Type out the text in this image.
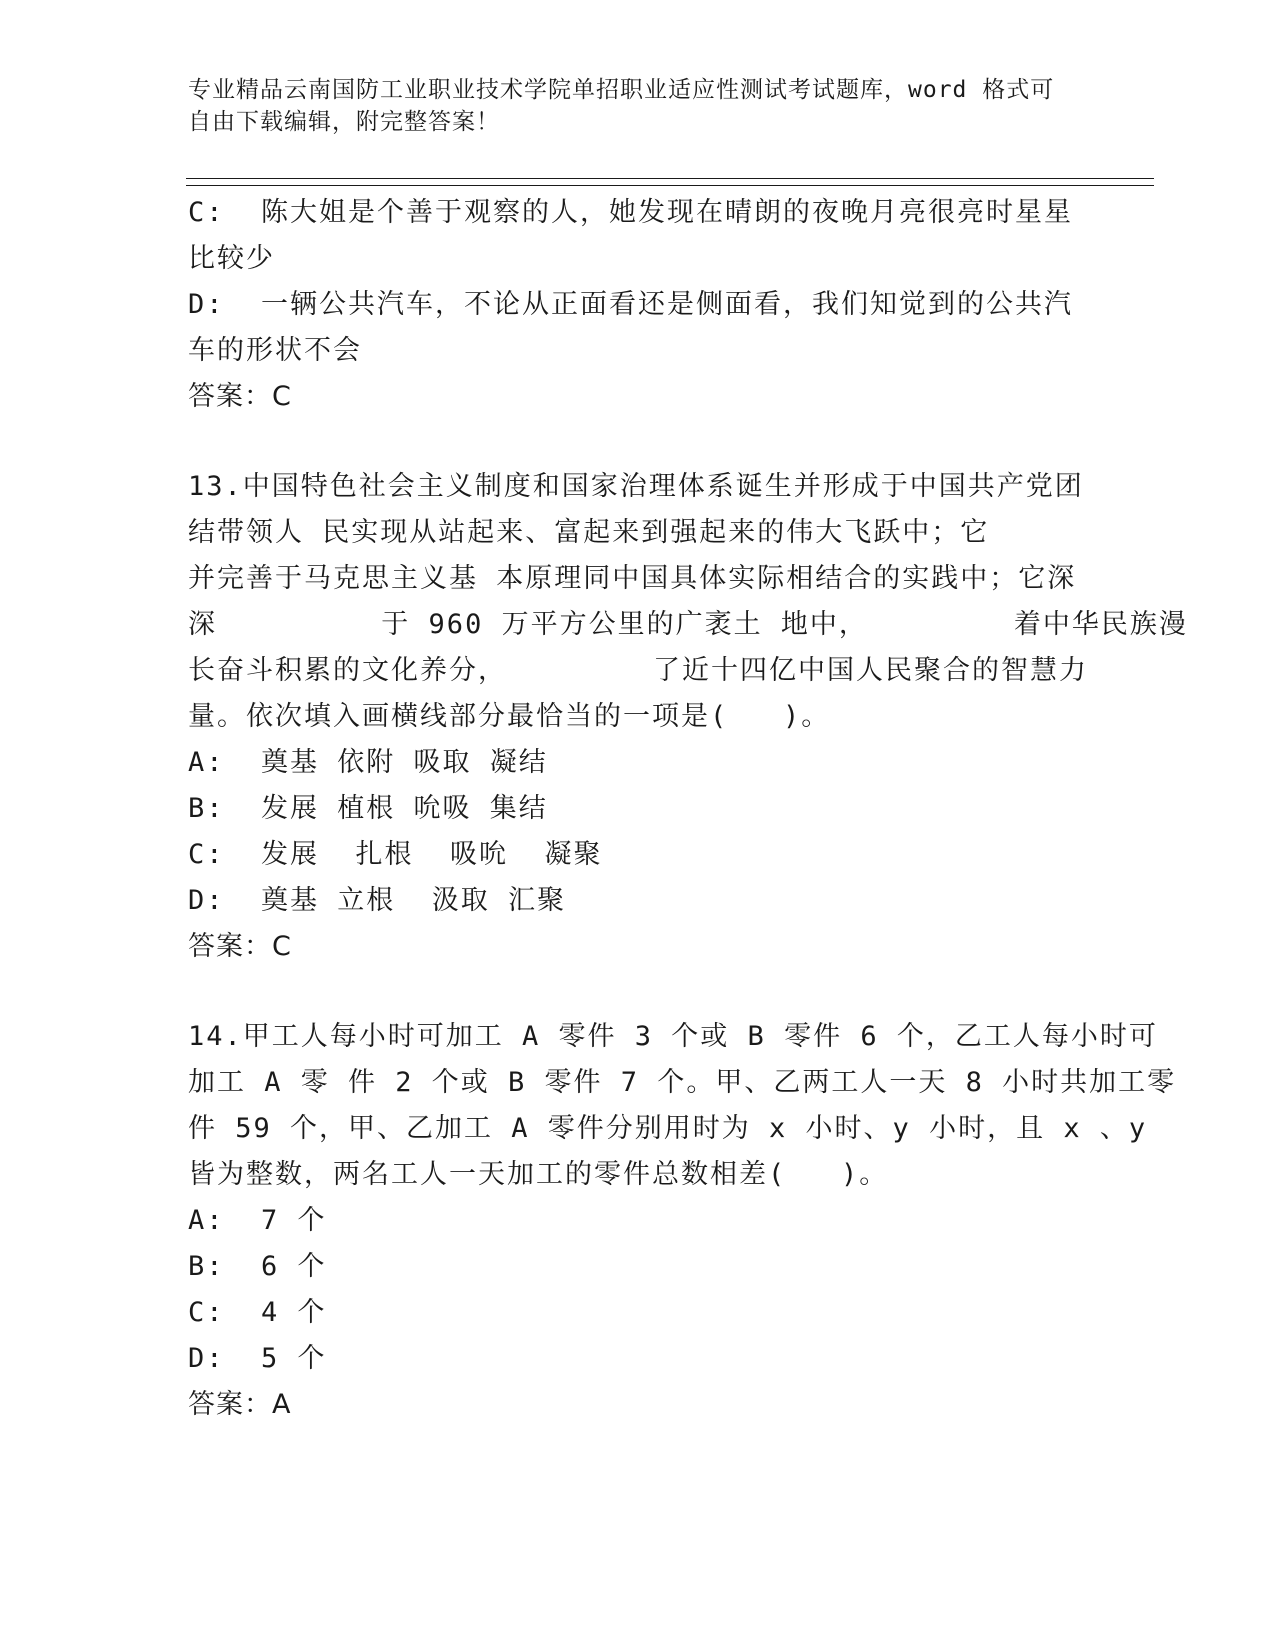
专业精品云南国防工业职业技术学院单招职业适应性测试考试题库，word 格式可
自由下载编辑，附完整答案！
C:  陈大姐是个善于观察的人，她发现在晴朗的夜晚月亮很亮时星星
比较少
D:  一辆公共汽车，不论从正面看还是侧面看，我们知觉到的公共汽
车的形状不会
答案：C
13.中国特色社会主义制度和国家治理体系诞生并形成于中国共产党团
结带领人 民实现从站起来、富起来到强起来的伟大飞跃中；它
并完善于马克思主义基 本原理同中国具体实际相结合的实践中；它深
深         于 960 万平方公里的广袤土 地中，        着中华民族漫
长奋斗积累的文化养分，        了近十四亿中国人民聚合的智慧力
量。依次填入画横线部分最恰当的一项是(   )。
A:  奠基 依附 吸取 凝结
B:  发展 植根 吮吸 集结
C:  发展  扎根  吸吮  凝聚
D:  奠基 立根  汲取 汇聚
答案：C
14.甲工人每小时可加工 A 零件 3 个或 B 零件 6 个，乙工人每小时可
加工 A 零 件 2 个或 B 零件 7 个。甲、乙两工人一天 8 小时共加工零
件 59 个，甲、乙加工 A 零件分别用时为 x 小时、y 小时，且 x 、y
皆为整数，两名工人一天加工的零件总数相差(   )。
A:  7 个
B:  6 个
C:  4 个
D:  5 个
答案：A
